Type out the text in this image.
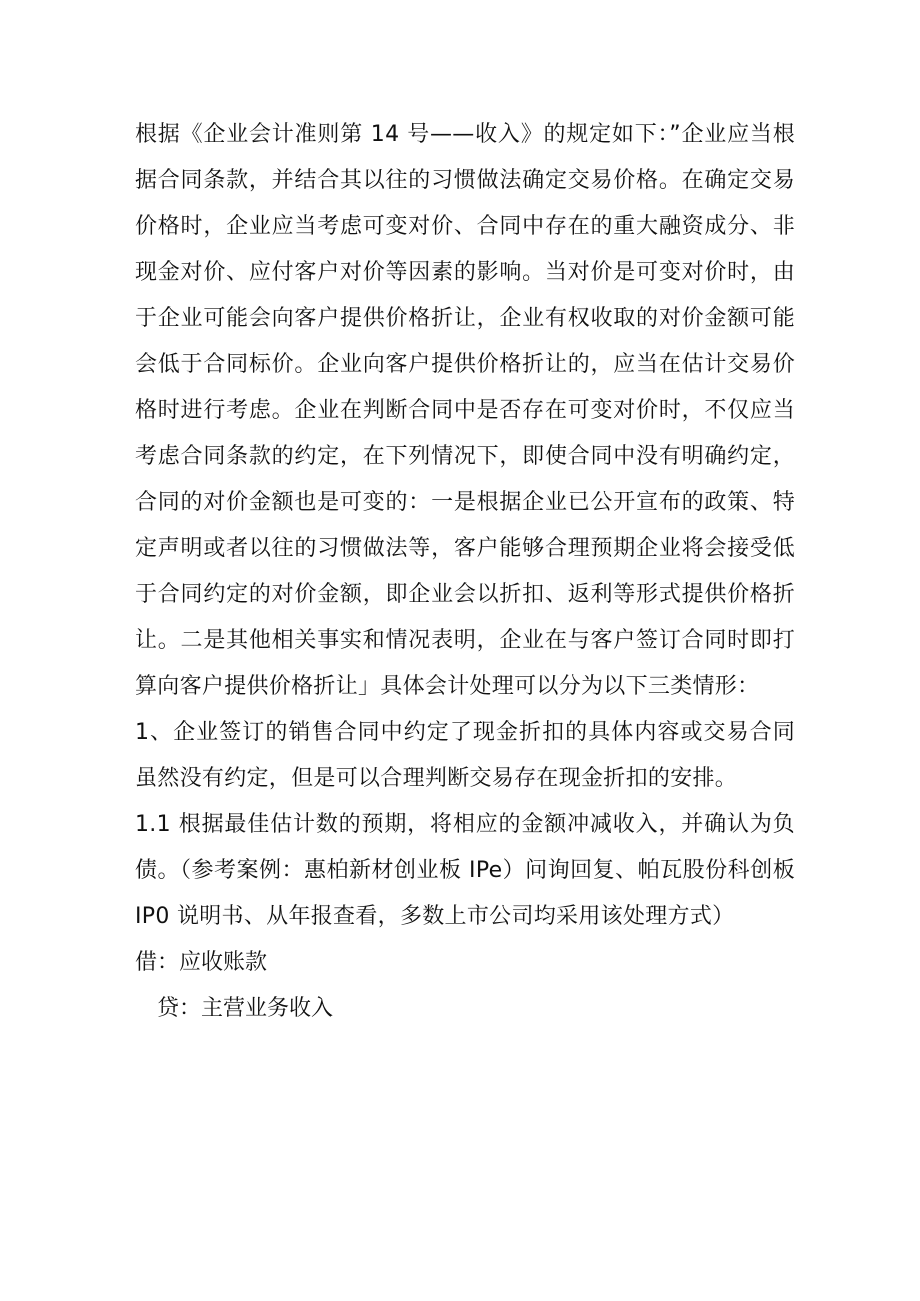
根据《企业会计准则第 14 号——收入》的规定如下：”企业应当根据合同条款，并结合其以往的习惯做法确定交易价格。在确定交易价格时，企业应当考虑可变对价、合同中存在的重大融资成分、非现金对价、应付客户对价等因素的影响。当对价是可变对价时，由于企业可能会向客户提供价格折让，企业有权收取的对价金额可能会低于合同标价。企业向客户提供价格折让的，应当在估计交易价格时进行考虑。企业在判断合同中是否存在可变对价时，不仅应当考虑合同条款的约定，在下列情况下，即使合同中没有明确约定，合同的对价金额也是可变的：一是根据企业已公开宣布的政策、特定声明或者以往的习惯做法等，客户能够合理预期企业将会接受低于合同约定的对价金额，即企业会以折扣、返利等形式提供价格折让。二是其他相关事实和情况表明，企业在与客户签订合同时即打算向客户提供价格折让」具体会计处理可以分为以下三类情形：

1、企业签订的销售合同中约定了现金折扣的具体内容或交易合同虽然没有约定，但是可以合理判断交易存在现金折扣的安排。

1.1 根据最佳估计数的预期，将相应的金额冲减收入，并确认为负债。（参考案例：惠柏新材创业板 IPe）问询回复、帕瓦股份科创板 IP0 说明书、从年报查看，多数上市公司均采用该处理方式）

借：应收账款

贷：主营业务收入
